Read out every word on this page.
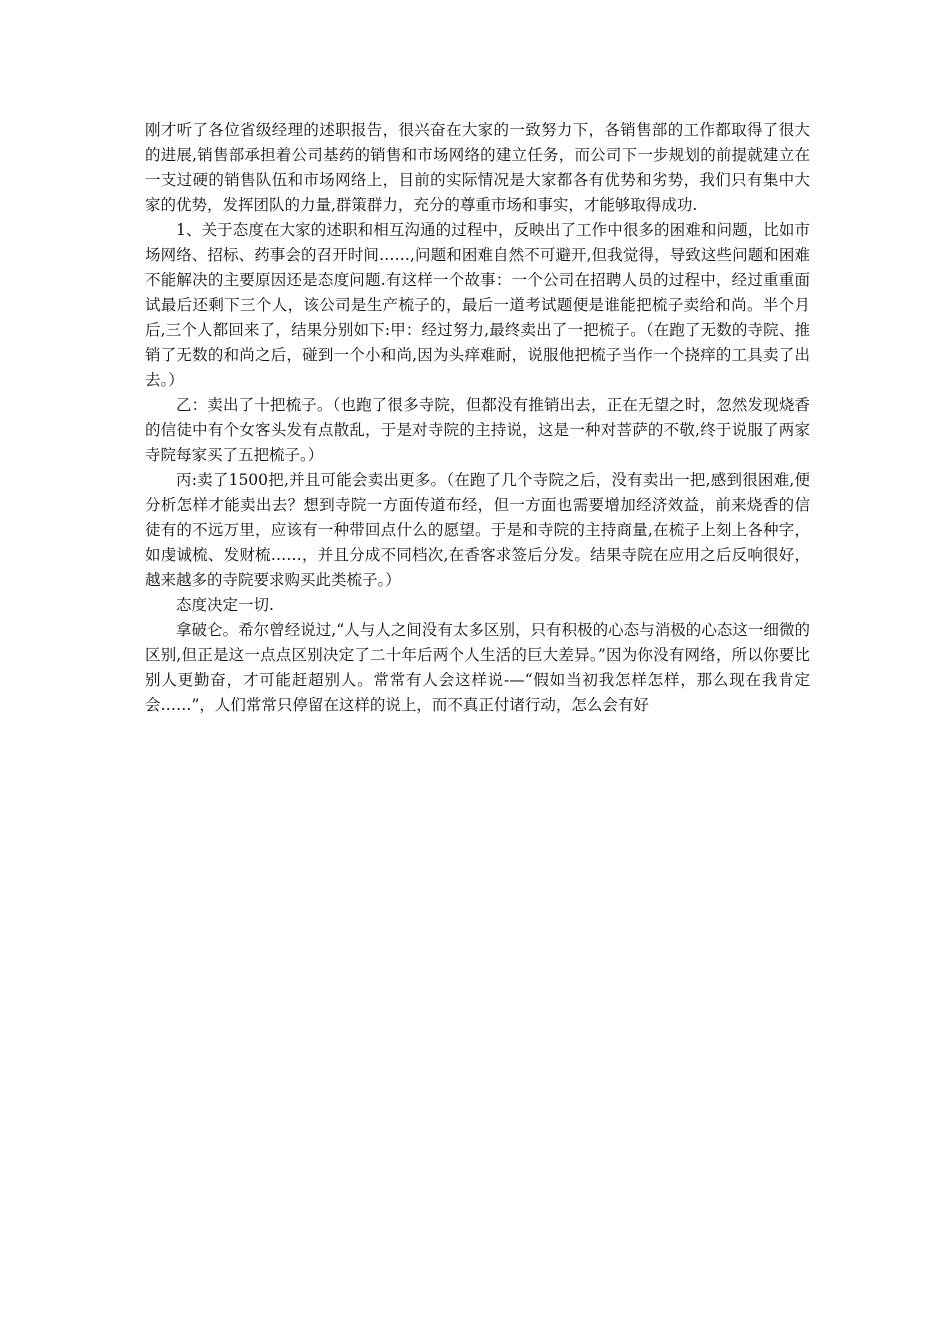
刚才听了各位省级经理的述职报告，很兴奋在大家的一致努力下，各销售部的工作都取得了很大的进展,销售部承担着公司基药的销售和市场网络的建立任务，而公司下一步规划的前提就建立在一支过硬的销售队伍和市场网络上，目前的实际情况是大家都各有优势和劣势，我们只有集中大家的优势，发挥团队的力量,群策群力，充分的尊重市场和事实，才能够取得成功.

1、关于态度在大家的述职和相互沟通的过程中，反映出了工作中很多的困难和问题，比如市场网络、招标、药事会的召开时间……,问题和困难自然不可避开,但我觉得，导致这些问题和困难不能解决的主要原因还是态度问题.有这样一个故事：一个公司在招聘人员的过程中，经过重重面试最后还剩下三个人，该公司是生产梳子的，最后一道考试题便是谁能把梳子卖给和尚。半个月后,三个人都回来了，结果分别如下:甲：经过努力,最终卖出了一把梳子。（在跑了无数的寺院、推销了无数的和尚之后，碰到一个小和尚,因为头痒难耐，说服他把梳子当作一个挠痒的工具卖了出去。）

乙：卖出了十把梳子。（也跑了很多寺院，但都没有推销出去，正在无望之时，忽然发现烧香的信徒中有个女客头发有点散乱，于是对寺院的主持说，这是一种对菩萨的不敬,终于说服了两家寺院每家买了五把梳子。）

丙:卖了1500把,并且可能会卖出更多。（在跑了几个寺院之后，没有卖出一把,感到很困难,便分析怎样才能卖出去？想到寺院一方面传道布经，但一方面也需要增加经济效益，前来烧香的信徒有的不远万里，应该有一种带回点什么的愿望。于是和寺院的主持商量,在梳子上刻上各种字，如虔诚梳、发财梳……，并且分成不同档次,在香客求签后分发。结果寺院在应用之后反响很好，越来越多的寺院要求购买此类梳子。）

态度决定一切.

拿破仑。希尔曾经说过,“人与人之间没有太多区别，只有积极的心态与消极的心态这一细微的区别,但正是这一点点区别决定了二十年后两个人生活的巨大差异。”因为你没有网络，所以你要比别人更勤奋，才可能赶超别人。常常有人会这样说-—“假如当初我怎样怎样，那么现在我肯定会……”，人们常常只停留在这样的说上，而不真正付诸行动，怎么会有好
